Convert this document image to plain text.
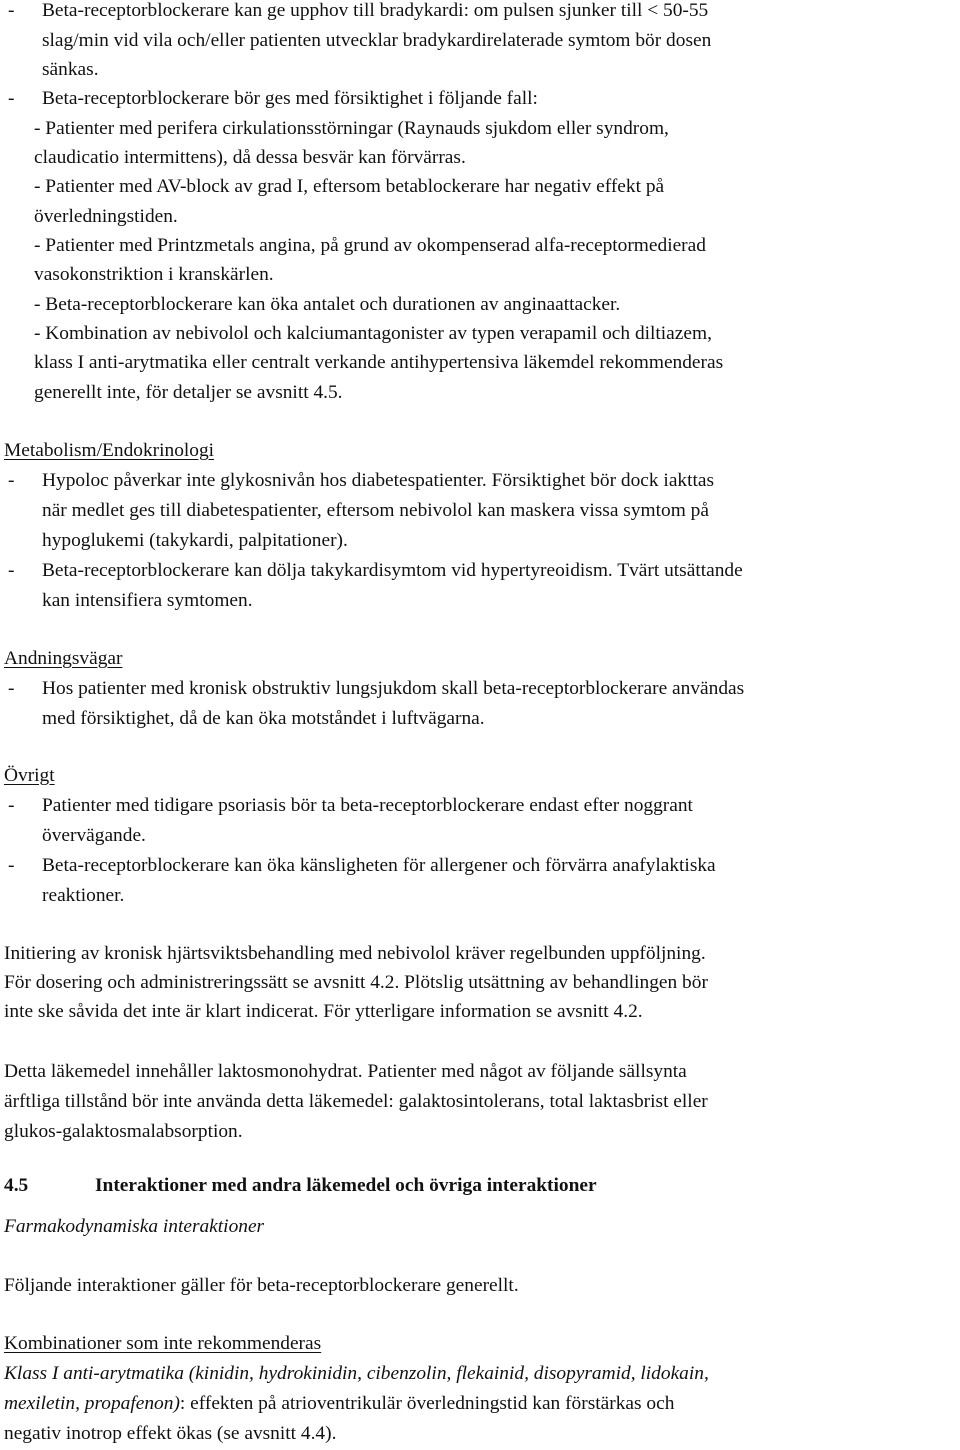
- Beta-receptorblockerare kan ge upphov till bradykardi: om pulsen sjunker till < 50-55
slag/min vid vila och/eller patienten utvecklar bradykardirelaterade symtom bör dosen
sänkas.
- Beta-receptorblockerare bör ges med försiktighet i följande fall:
- Patienter med perifera cirkulationsstörningar (Raynauds sjukdom eller syndrom,
claudicatio intermittens), då dessa besvär kan förvärras.
- Patienter med AV-block av grad I, eftersom betablockerare har negativ effekt på
överledningstiden.
- Patienter med Printzmetals angina, på grund av okompenserad alfa-receptormedierad
vasokonstriktion i kranskärlen.
- Beta-receptorblockerare kan öka antalet och durationen av anginaattacker.
- Kombination av nebivolol och kalciumantagonister av typen verapamil och diltiazem,
klass I anti-arytmatika eller centralt verkande antihypertensiva läkemdel rekommenderas
generellt inte, för detaljer se avsnitt 4.5.
Metabolism/Endokrinologi
- Hypoloc påverkar inte glykosnivån hos diabetespatienter. Försiktighet bör dock iakttas
när medlet ges till diabetespatienter, eftersom nebivolol kan maskera vissa symtom på
hypoglukemi (takykardi, palpitationer).
- Beta-receptorblockerare kan dölja takykardisymtom vid hypertyreoidism. Tvärt utsättande
kan intensifiera symtomen.
Andningsvägar
- Hos patienter med kronisk obstruktiv lungsjukdom skall beta-receptorblockerare användas
med försiktighet, då de kan öka motståndet i luftvägarna.
Övrigt
- Patienter med tidigare psoriasis bör ta beta-receptorblockerare endast efter noggrant
övervägande.
- Beta-receptorblockerare kan öka känsligheten för allergener och förvärra anafylaktiska
reaktioner.
Initiering av kronisk hjärtsviktsbehandling med nebivolol kräver regelbunden uppföljning.
För dosering och administreringssätt se avsnitt 4.2. Plötslig utsättning av behandlingen bör
inte ske såvida det inte är klart indicerat. För ytterligare information se avsnitt 4.2.
Detta läkemedel innehåller laktosmonohydrat. Patienter med något av följande sällsynta
ärftliga tillstånd bör inte använda detta läkemedel: galaktosintolerans, total laktasbrist eller
glukos-galaktosmalabsorption.
4.5	Interaktioner med andra läkemedel och övriga interaktioner
Farmakodynamiska interaktioner
Följande interaktioner gäller för beta-receptorblockerare generellt.
Kombinationer som inte rekommenderas
Klass I anti-arytmatika (kinidin, hydrokinidin, cibenzolin, flekainid, disopyramid, lidokain,
mexiletin, propafenon): effekten på atrioventrikulär överledningstid kan förstärkas och
negativ inotrop effekt ökas (se avsnitt 4.4).
